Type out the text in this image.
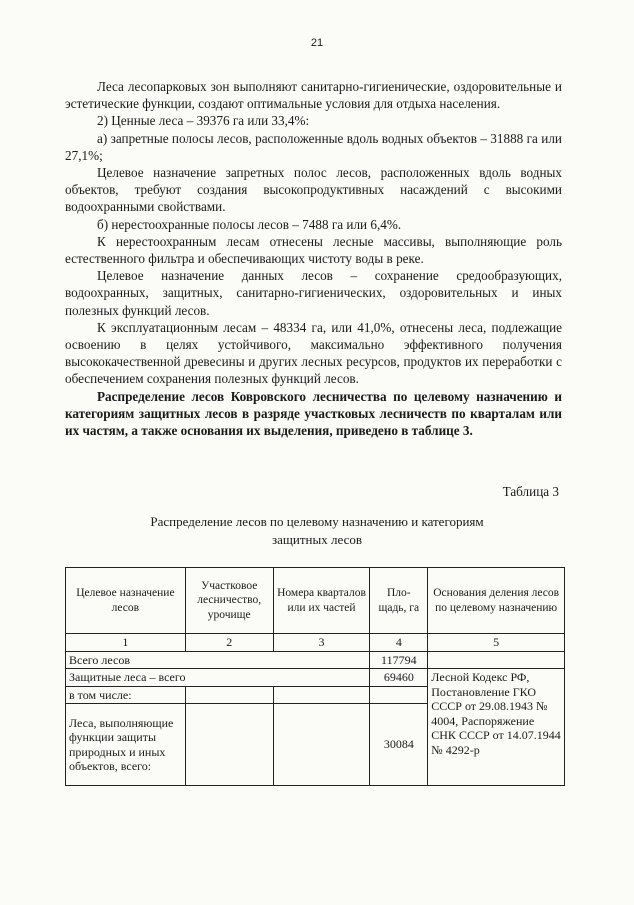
21

Леса лесопарковых зон выполняют санитарно-гигиенические, оздоровительные и эстетические функции, создают оптимальные условия для отдыха населения.

2) Ценные леса – 39376 га или 33,4%:

а) запретные полосы лесов, расположенные вдоль водных объектов – 31888 га или 27,1%;

Целевое назначение запретных полос лесов, расположенных вдоль водных объектов, требуют создания высокопродуктивных насаждений с высокими водоохранными свойствами.

б) нерестоохранные полосы лесов – 7488 га или 6,4%.

К нерестоохранным лесам отнесены лесные массивы, выполняющие роль естественного фильтра и обеспечивающих чистоту воды в реке.

Целевое назначение данных лесов – сохранение средообразующих, водоохранных, защитных, санитарно-гигиенических, оздоровительных и иных полезных функций лесов.

К эксплуатационным лесам – 48334 га, или 41,0%, отнесены леса, подлежащие освоению в целях устойчивого, максимально эффективного получения высококачественной древесины и других лесных ресурсов, продуктов их переработки с обеспечением сохранения полезных функций лесов.

Распределение лесов Ковровского лесничества по целевому назначению и категориям защитных лесов в разряде участковых лесничеств по кварталам или их частям, а также основания их выделения, приведено в таблице 3.

Таблица 3
Распределение лесов по целевому назначению и категориям
защитных лесов
Целевое назначение лесов	Участковое лесничество, урочище	Номера кварталов или их частей	Пло-щадь, га	Основания деления лесов по целевому назначению
1	2	3	4	5
Всего лесов			117794	
Защитные леса – всего			69460	Лесной Кодекс РФ, Постановление ГКО СССР от 29.08.1943 № 4004, Распоряжение СНК СССР от 14.07.1944 № 4292-р
в том числе:				
Леса, выполняющие функции защиты природных и иных объектов, всего:			30084	
